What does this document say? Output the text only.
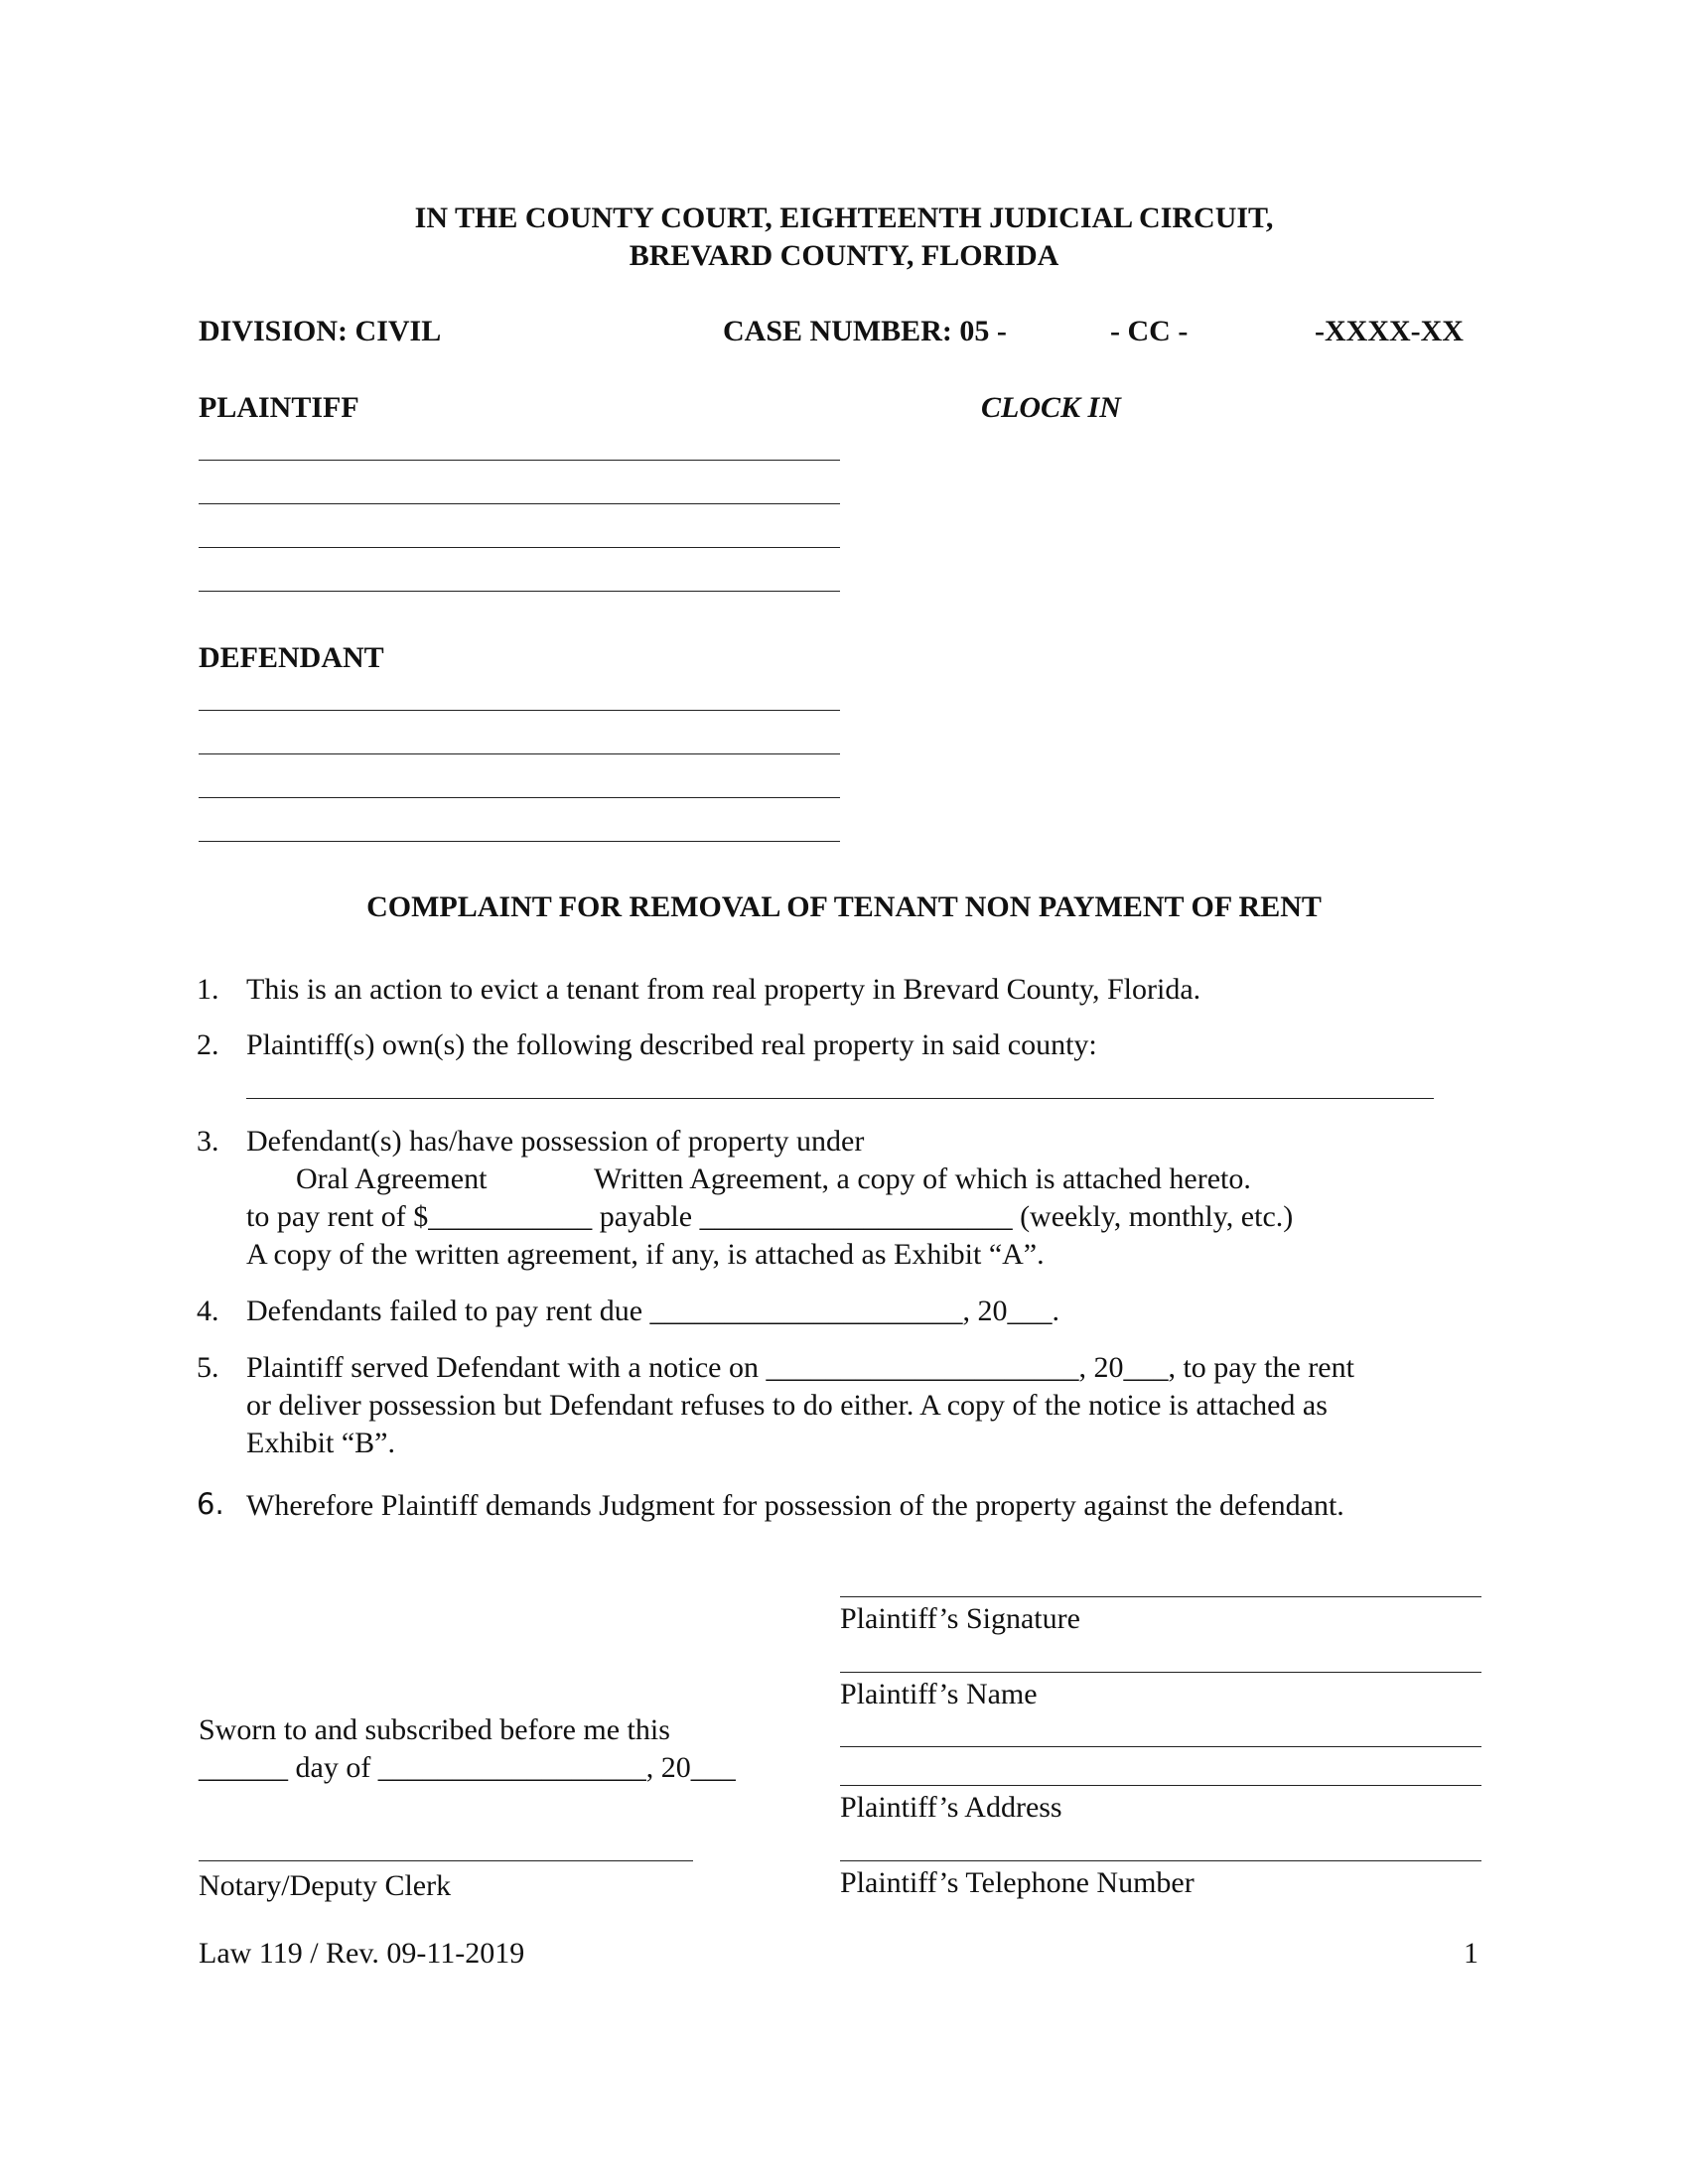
IN THE COUNTY COURT, EIGHTEENTH JUDICIAL CIRCUIT,
BREVARD COUNTY, FLORIDA
DIVISION: CIVIL	CASE NUMBER: 05 -	- CC -	-XXXX-XX
PLAINTIFF	CLOCK IN
DEFENDANT
COMPLAINT FOR REMOVAL OF TENANT NON PAYMENT OF RENT
1. This is an action to evict a tenant from real property in Brevard County, Florida.
2. Plaintiff(s) own(s) the following described real property in said county:
3. Defendant(s) has/have possession of property under
Oral Agreement	Written Agreement, a copy of which is attached hereto.
to pay rent of $___________ payable _____________________ (weekly, monthly, etc.)
A copy of the written agreement, if any, is attached as Exhibit “A”.
4. Defendants failed to pay rent due _____________________, 20___.
5. Plaintiff served Defendant with a notice on _____________________, 20___, to pay the rent
or deliver possession but Defendant refuses to do either. A copy of the notice is attached as
Exhibit “B”.
6. Wherefore Plaintiff demands Judgment for possession of the property against the defendant.
Plaintiff’s Signature
Plaintiff’s Name
Plaintiff’s Address
Plaintiff’s Telephone Number
Sworn to and subscribed before me this
______ day of __________________, 20___
Notary/Deputy Clerk
Law 119 / Rev. 09-11-2019	1
